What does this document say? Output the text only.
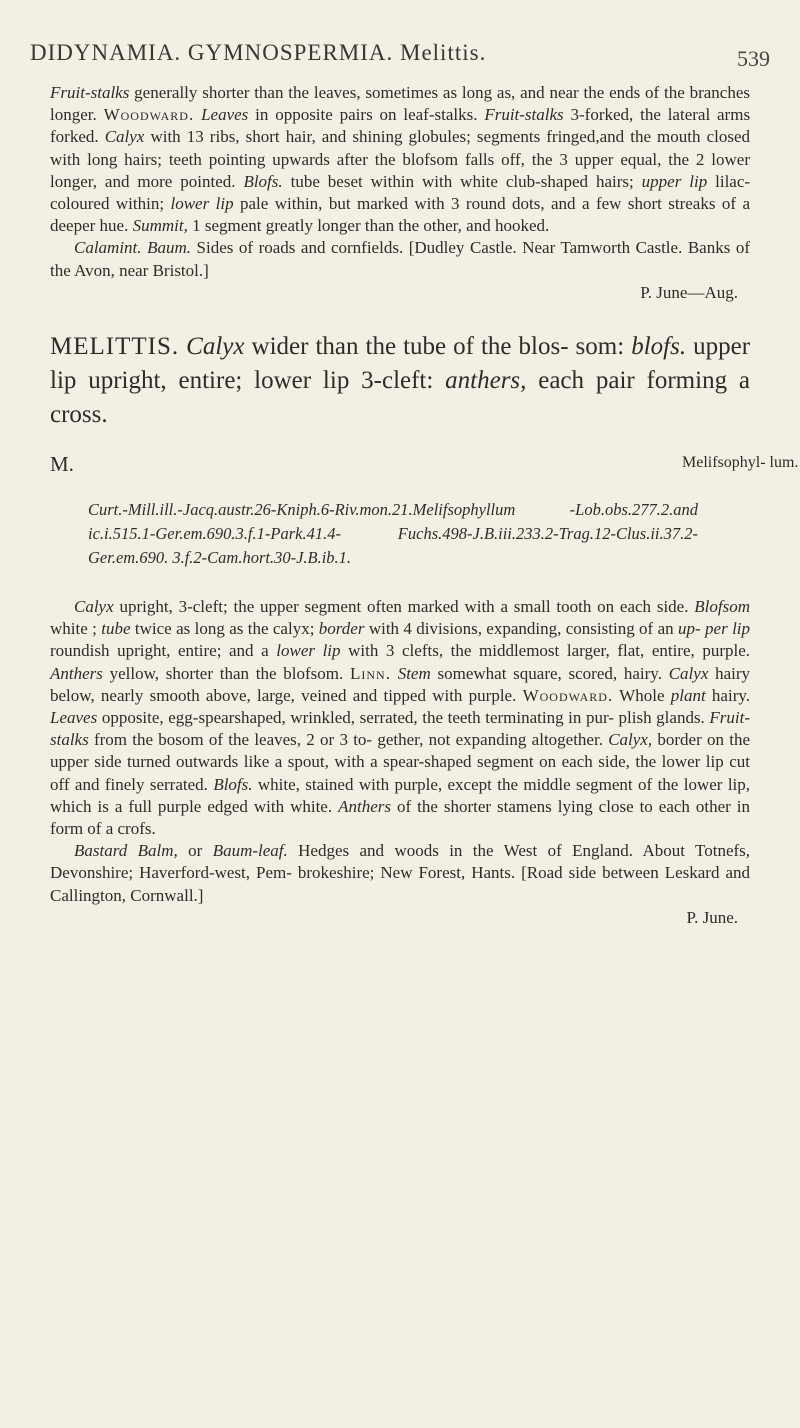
DIDYNAMIA. GYMNOSPERMIA. Melittis.	539

Fruit-stalks generally shorter than the leaves, sometimes as long as, and near the ends of the branches longer. Woodward. Leaves in opposite pairs on leaf-stalks. Fruit-stalks 3-forked, the lateral arms forked. Calyx with 13 ribs, short hair, and shining globules; segments fringed,and the mouth closed with long hairs; teeth pointing upwards after the blofsom falls off, the 3 upper equal, the 2 lower longer, and more pointed. Blofs. tube beset within with white club-shaped hairs; upper lip lilac-coloured within; lower lip pale within, but marked with 3 round dots, and a few short streaks of a deeper hue. Summit, 1 segment greatly longer than the other, and hooked.

Calamint. Baum. Sides of roads and cornfields. [Dudley Castle. Near Tamworth Castle. Banks of the Avon, near Bristol.]

P. June—Aug.

MELITTIS. Calyx wider than the tube of the blos- som: blofs. upper lip upright, entire; lower lip 3-cleft: anthers, each pair forming a cross.
M.	Melifsophyl- lum.
Curt.-Mill.ill.-Jacq.austr.26-Kniph.6-Riv.mon.21.Melifsophyllum -Lob.obs.277.2.and ic.i.515.1-Ger.em.690.3.f.1-Park.41.4- Fuchs.498-J.B.iii.233.2-Trag.12-Clus.ii.37.2-Ger.em.690. 3.f.2-Cam.hort.30-J.B.ib.1.

Calyx upright, 3-cleft; the upper segment often marked with a small tooth on each side. Blofsom white ; tube twice as long as the calyx; border with 4 divisions, expanding, consisting of an up- per lip roundish upright, entire; and a lower lip with 3 clefts, the middlemost larger, flat, entire, purple. Anthers yellow, shorter than the blofsom. Linn. Stem somewhat square, scored, hairy. Calyx hairy below, nearly smooth above, large, veined and tipped with purple. Woodward. Whole plant hairy. Leaves opposite, egg-spearshaped, wrinkled, serrated, the teeth terminating in pur- plish glands. Fruit-stalks from the bosom of the leaves, 2 or 3 to- gether, not expanding altogether. Calyx, border on the upper side turned outwards like a spout, with a spear-shaped segment on each side, the lower lip cut off and finely serrated. Blofs. white, stained with purple, except the middle segment of the lower lip, which is a full purple edged with white. Anthers of the shorter stamens lying close to each other in form of a crofs.

Bastard Balm, or Baum-leaf. Hedges and woods in the West of England. About Totnefs, Devonshire; Haverford-west, Pem- brokeshire; New Forest, Hants. [Road side between Leskard and Callington, Cornwall.]

P. June.
